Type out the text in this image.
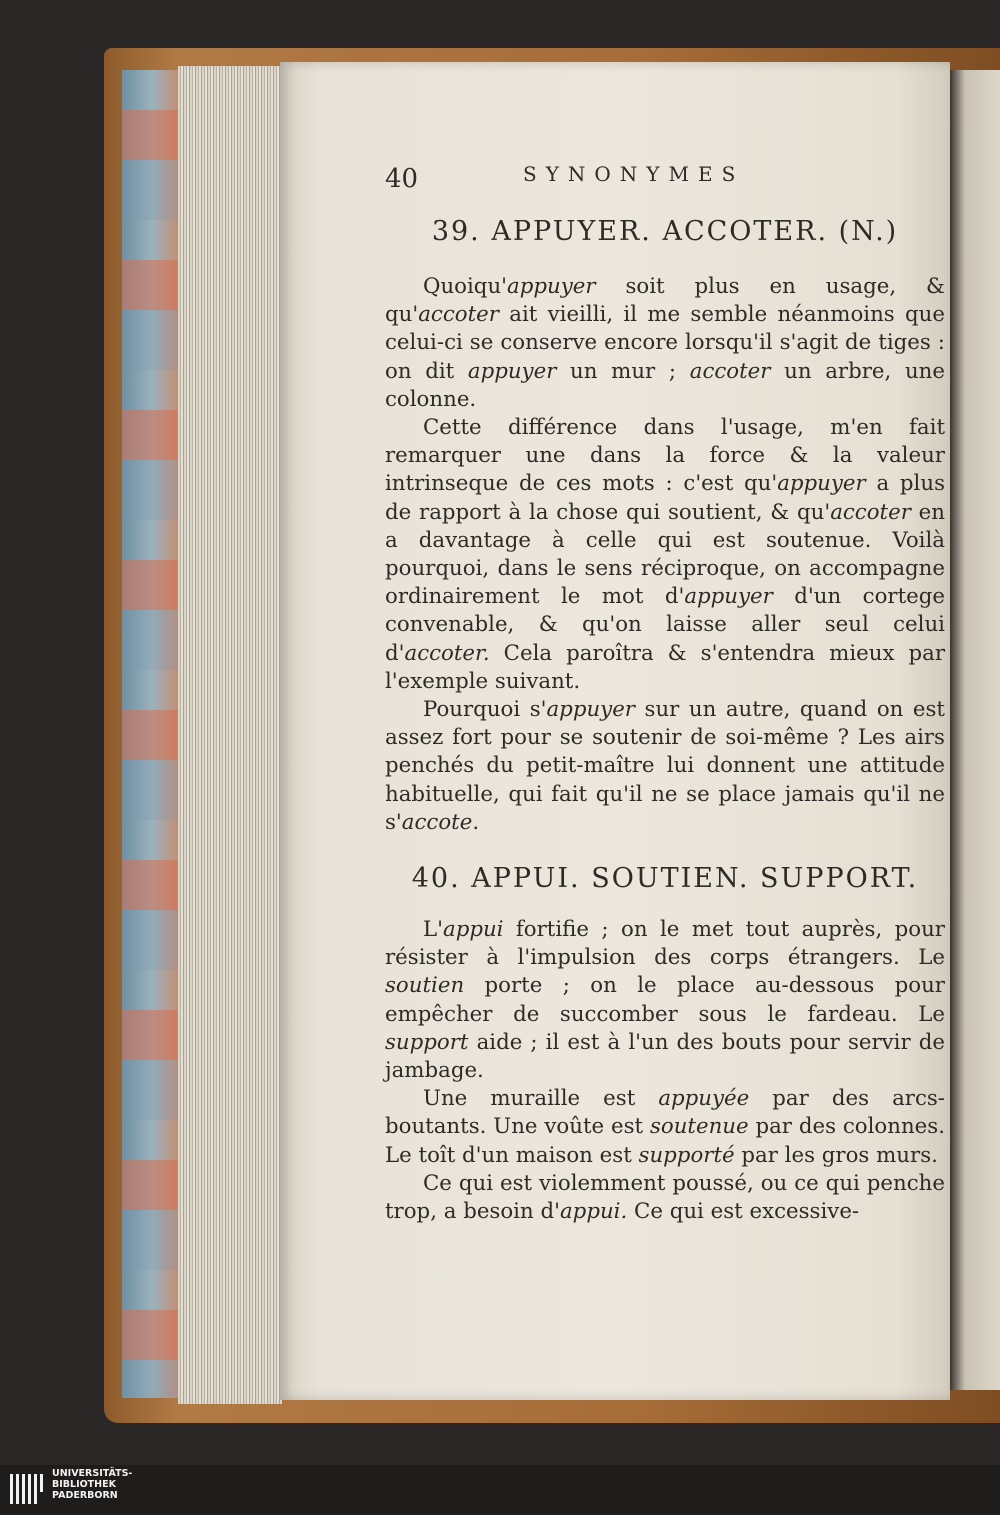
40	SYNONYMES
39. APPUYER. ACCOTER. (N.)

Quoiqu'appuyer soit plus en usage, & qu'accoter ait vieilli, il me semble néanmoins que celui-ci se conserve encore lorsqu'il s'agit de tiges : on dit appuyer un mur ; accoter un arbre, une colonne.

Cette différence dans l'usage, m'en fait remarquer une dans la force & la valeur intrinseque de ces mots : c'est qu'appuyer a plus de rapport à la chose qui soutient, & qu'accoter en a davantage à celle qui est soutenue. Voilà pourquoi, dans le sens réciproque, on accompagne ordinairement le mot d'appuyer d'un cortege convenable, & qu'on laisse aller seul celui d'accoter. Cela paroîtra & s'entendra mieux par l'exemple suivant.

Pourquoi s'appuyer sur un autre, quand on est assez fort pour se soutenir de soi-même ? Les airs penchés du petit-maître lui donnent une attitude habituelle, qui fait qu'il ne se place jamais qu'il ne s'accote.

40. APPUI. SOUTIEN. SUPPORT.

L'appui fortifie ; on le met tout auprès, pour résister à l'impulsion des corps étrangers. Le soutien porte ; on le place au-dessous pour empêcher de succomber sous le fardeau. Le support aide ; il est à l'un des bouts pour servir de jambage.

Une muraille est appuyée par des arcs-boutants. Une voûte est soutenue par des colonnes. Le toît d'un maison est supporté par les gros murs.

Ce qui est violemment poussé, ou ce qui penche trop, a besoin d'appui. Ce qui est excessive-

UNIVERSITÄTS-
BIBLIOTHEK
PADERBORN
